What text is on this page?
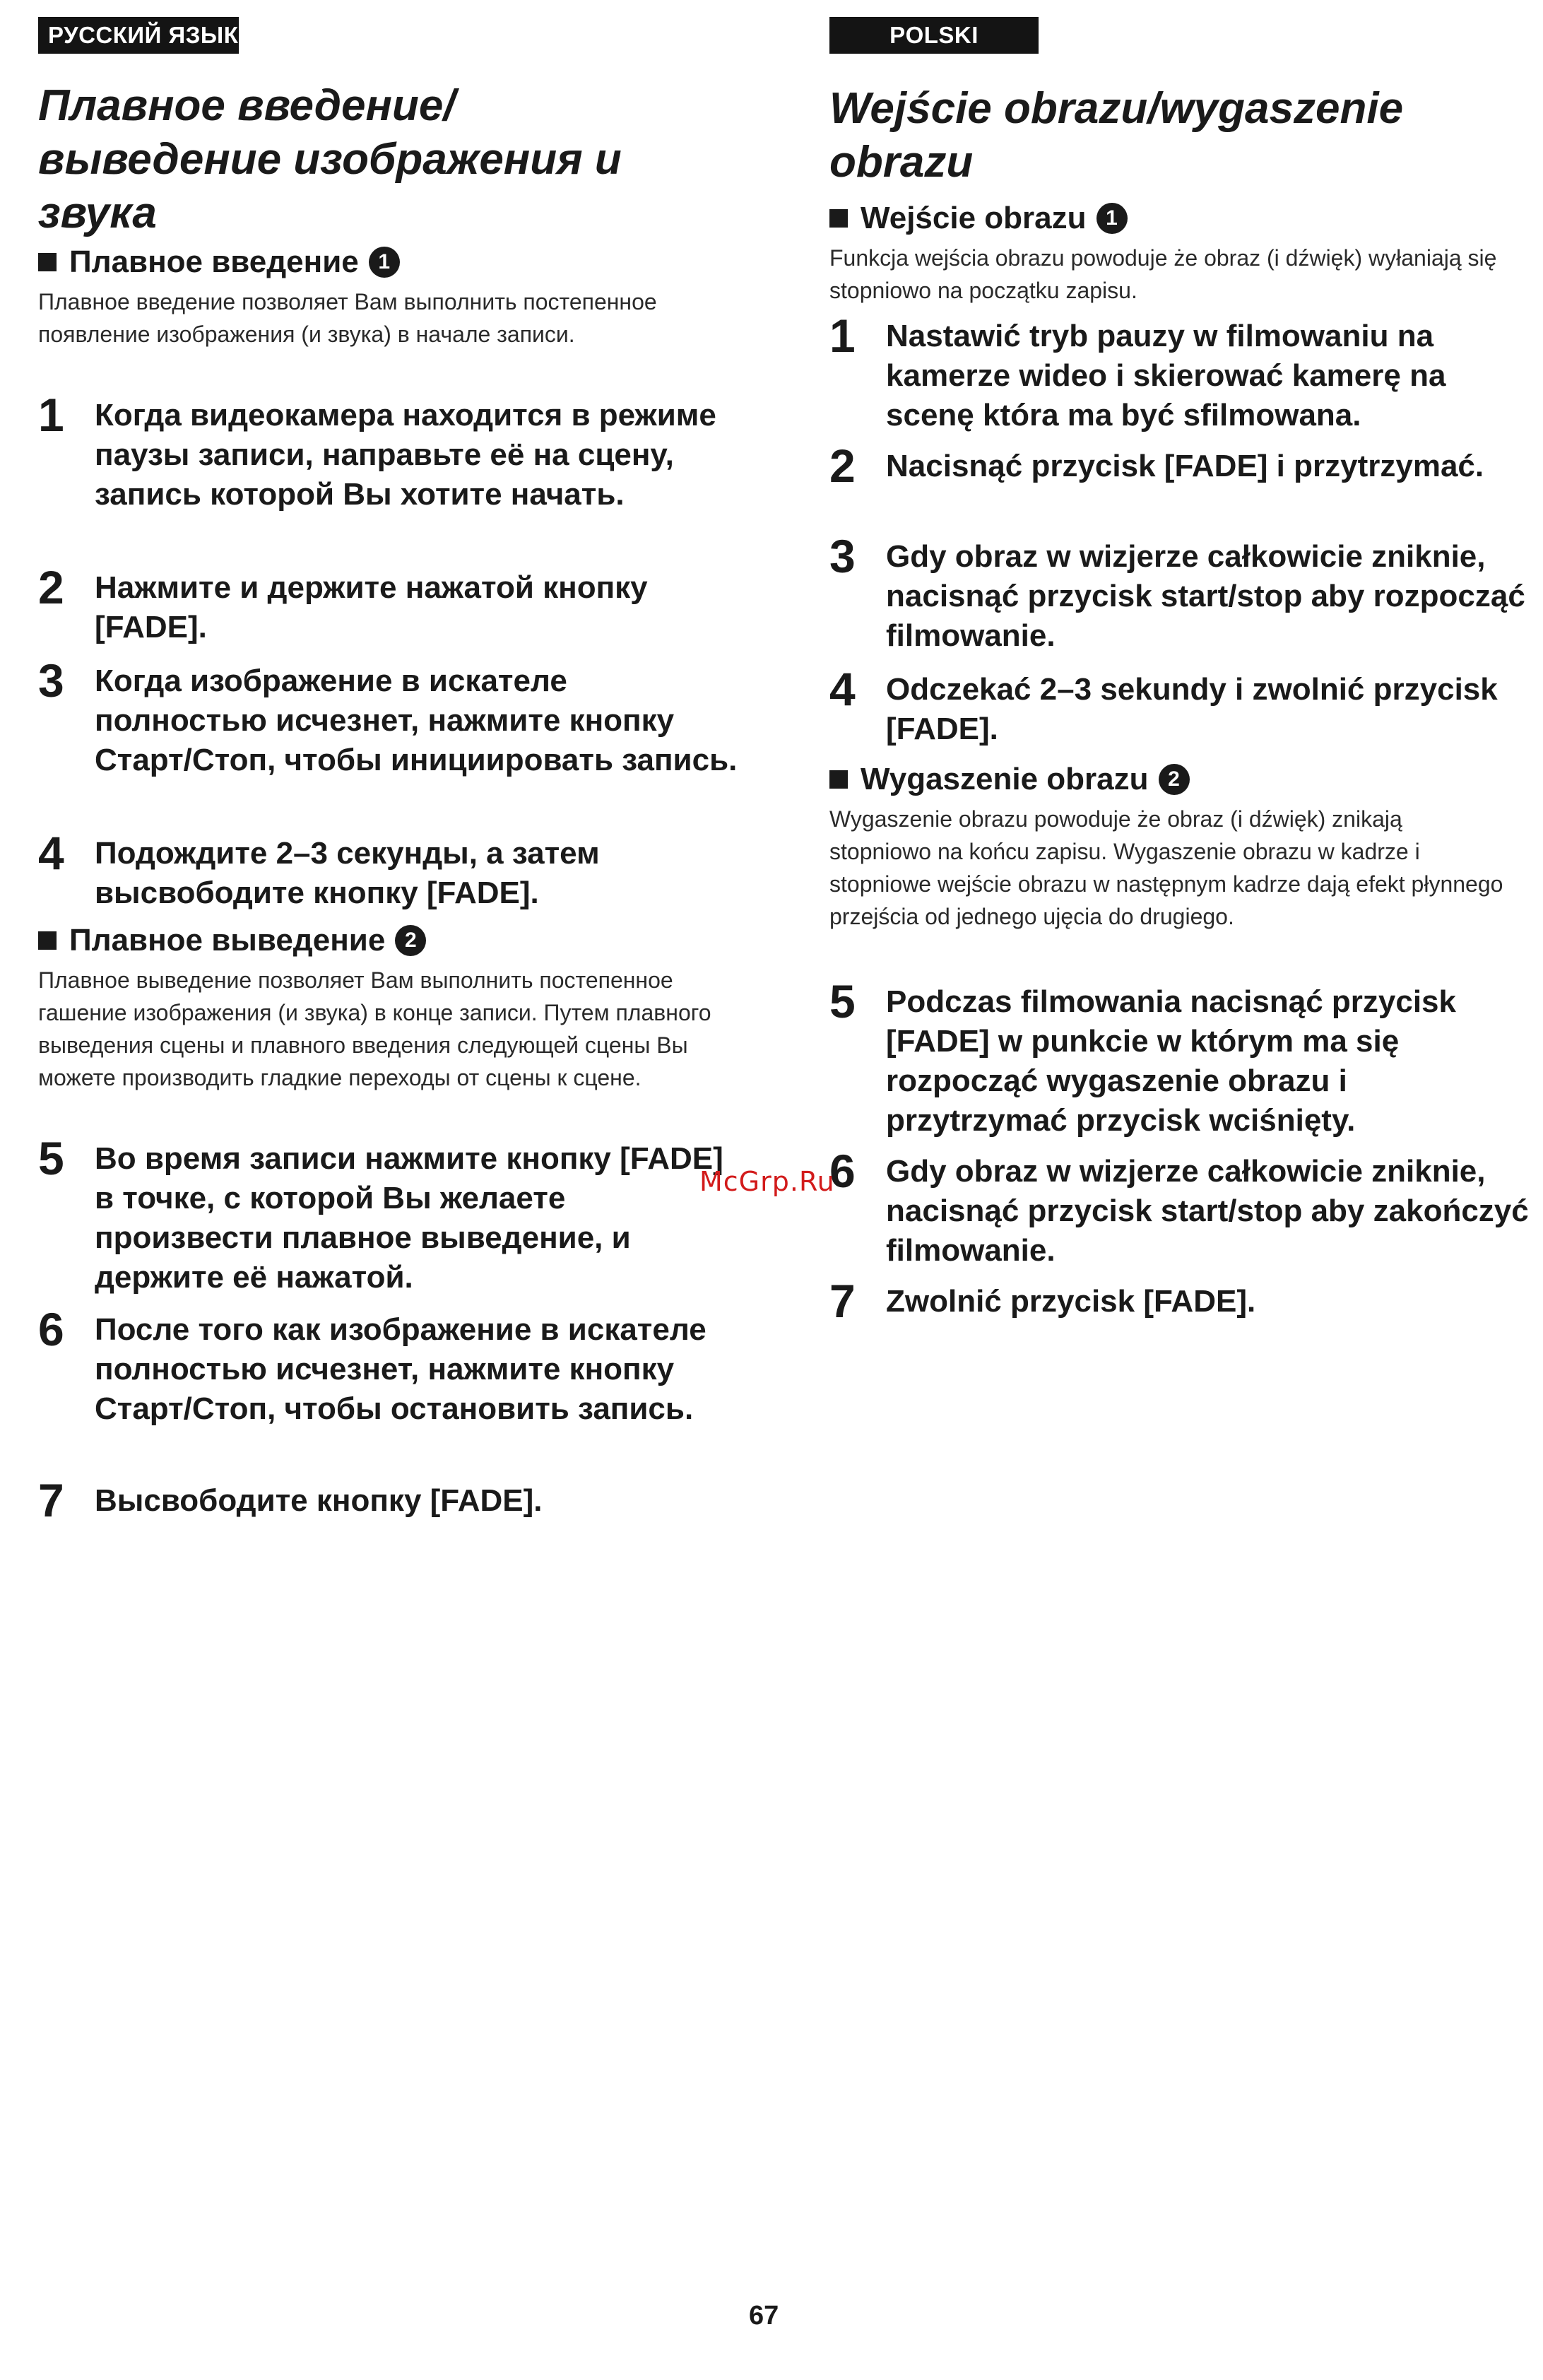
РУССКИЙ ЯЗЫК
Плавное введение/ выведение изображения и звука
Плавное введение 1
Плавное введение позволяет Вам выполнить постепенное появление изображения (и звука) в начале записи.
1 Когда видеокамера находится в режиме паузы записи, направьте её на сцену, запись которой Вы хотите начать.
2 Нажмите и держите нажатой кнопку [FADE].
3 Когда изображение в искателе полностью исчезнет, нажмите кнопку Старт/Стоп, чтобы инициировать запись.
4 Подождите 2–3 секунды, а затем высвободите кнопку [FADE].
Плавное выведение 2
Плавное выведение позволяет Вам выполнить постепенное гашение изображения (и звука) в конце записи. Путем плавного выведения сцены и плавного введения следующей сцены Вы можете производить гладкие переходы от сцены к сцене.
5 Во время записи нажмите кнопку [FADE] в точке, с которой Вы желаете произвести плавное выведение, и держите её нажатой.
6 После того как изображение в искателе полностью исчезнет, нажмите кнопку Старт/Стоп, чтобы остановить запись.
7 Высвободите кнопку [FADE].
POLSKI
Wejście obrazu/wygaszenie obrazu
Wejście obrazu 1
Funkcja wejścia obrazu powoduje że obraz (i dźwięk) wyłaniają się stopniowo na początku zapisu.
1 Nastawić tryb pauzy w filmowaniu na kamerze wideo i skierować kamerę na scenę która ma być sfilmowana.
2 Nacisnąć przycisk [FADE] i przytrzymać.
3 Gdy obraz w wizjerze całkowicie zniknie, nacisnąć przycisk start/stop aby rozpocząć filmowanie.
4 Odczekać 2–3 sekundy i zwolnić przycisk [FADE].
Wygaszenie obrazu 2
Wygaszenie obrazu powoduje że obraz (i dźwięk) znikają stopniowo na końcu zapisu. Wygaszenie obrazu w kadrze i stopniowe wejście obrazu w następnym kadrze dają efekt płynnego przejścia od jednego ujęcia do drugiego.
5 Podczas filmowania nacisnąć przycisk [FADE] w punkcie w którym ma się rozpocząć wygaszenie obrazu i przytrzymać przycisk wciśnięty.
6 Gdy obraz w wizjerze całkowicie zniknie, nacisnąć przycisk start/stop aby zakończyć filmowanie.
7 Zwolnić przycisk [FADE].
McGrp.Ru
67
